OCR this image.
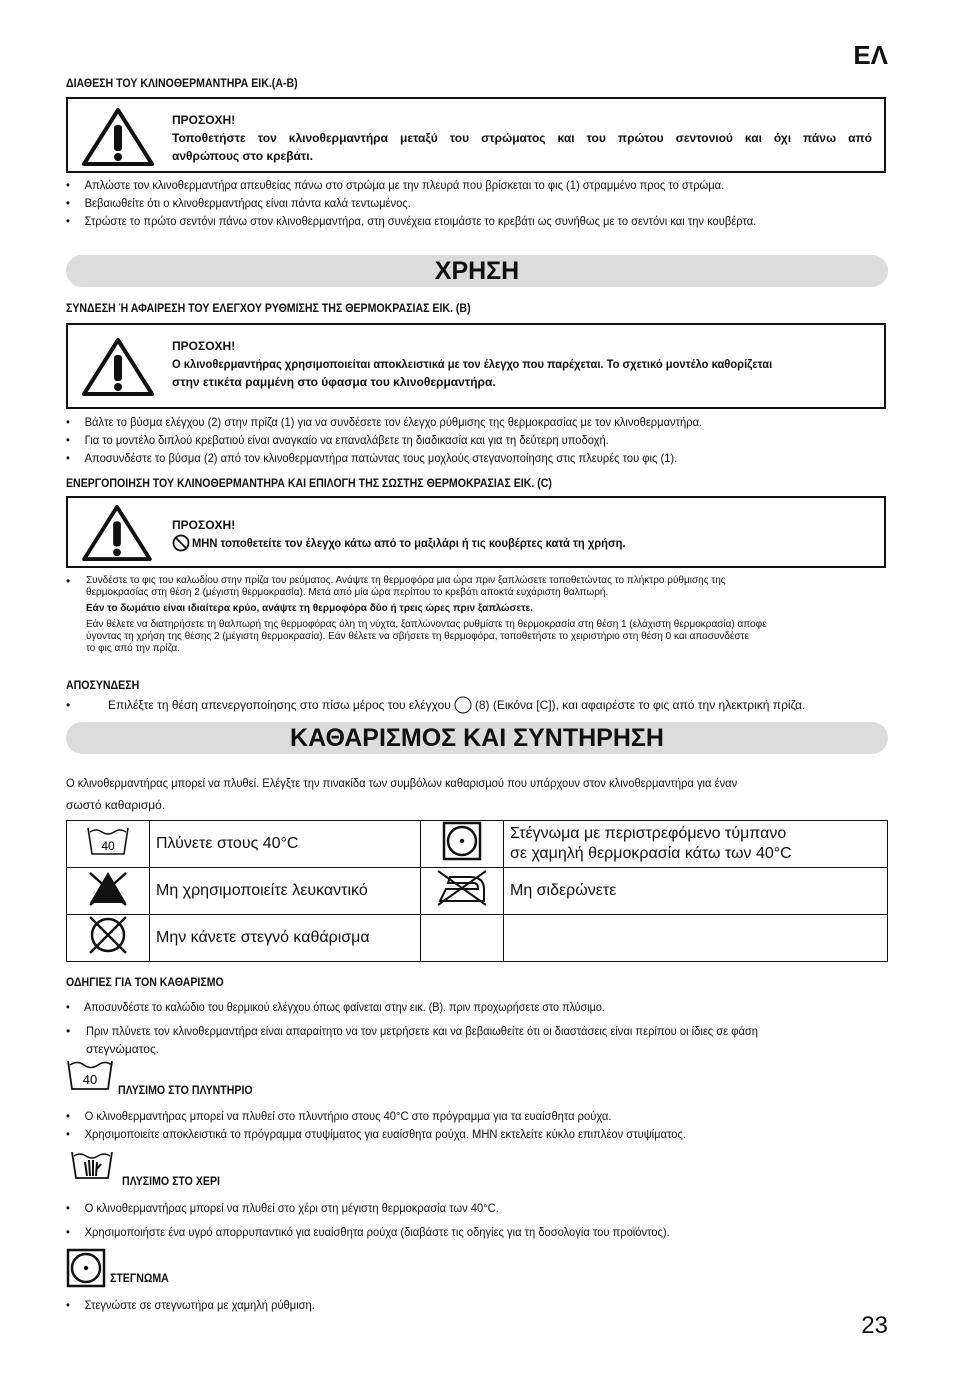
ΕΛ
ΔΙΑΘΕΣΗ ΤΟΥ ΚΛΙΝΟΘΕΡΜΑΝΤΗΡΑ ΕΙΚ.(A-B)
ΠΡΟΣΟΧΗ!
Τοποθετήστε τον κλινοθερμαντήρα μεταξύ του στρώματος και του πρώτου σεντονιού και όχι πάνω από
ανθρώπους στο κρεβάτι.
• Απλώστε τον κλινοθερμαντήρα απευθείας πάνω στο στρώμα με την πλευρά που βρίσκεται το φις (1) στραμμένο προς το στρώμα.
• Βεβαιωθείτε ότι ο κλινοθερμαντήρας είναι πάντα καλά τεντωμένος.
• Στρώστε το πρώτο σεντόνι πάνω στον κλινοθερμαντήρα, στη συνέχεια ετοιμάστε το κρεβάτι ως συνήθως με το σεντόνι και την κουβέρτα.
ΧΡΗΣΗ
ΣΥΝΔΕΣΗ Ή ΑΦΑΙΡΕΣΗ ΤΟΥ ΕΛΕΓΧΟΥ ΡΥΘΜΙΣΗΣ ΤΗΣ ΘΕΡΜΟΚΡΑΣΙΑΣ ΕΙΚ. (B)
ΠΡΟΣΟΧΗ!
Ο κλινοθερμαντήρας χρησιμοποιείται αποκλειστικά με τον έλεγχο που παρέχεται. Το σχετικό μοντέλο καθορίζεται
στην ετικέτα ραμμένη στο ύφασμα του κλινοθερμαντήρα.
• Βάλτε το βύσμα ελέγχου (2) στην πρίζα (1) για να συνδέσετε τον έλεγχο ρύθμισης της θερμοκρασίας με τον κλινοθερμαντήρα.
• Για το μοντέλο διπλού κρεβατιού είναι αναγκαίο να επαναλάβετε τη διαδικασία και για τη δεύτερη υποδοχή.
• Αποσυνδέστε το βύσμα (2) από τον κλινοθερμαντήρα πατώντας τους μοχλούς στεγανοποίησης στις πλευρές του φις (1).
ΕΝΕΡΓΟΠΟΙΗΣΗ ΤΟΥ ΚΛΙΝΟΘΕΡΜΑΝΤΗΡΑ ΚΑΙ ΕΠΙΛΟΓΗ ΤΗΣ ΣΩΣΤΗΣ ΘΕΡΜΟΚΡΑΣΙΑΣ ΕΙΚ. (C)
ΠΡΟΣΟΧΗ!
ΜΗΝ τοποθετείτε τον έλεγχο κάτω από το μαξιλάρι ή τις κουβέρτες κατά τη χρήση.
• Συνδέστε το φις του καλωδίου στην πρίζα του ρεύματος. Ανάψτε τη θερμοφόρα μια ώρα πριν ξαπλώσετε τοποθετώντας το πλήκτρο ρύθμισης της
θερμοκρασίας στη θέση 2 (μέγιστη θερμοκρασία). Μετά από μία ώρα περίπου το κρεβάτι αποκτά ευχάριστη θαλπωρή.
Εάν το δωμάτιο είναι ιδιαίτερα κρύο, ανάψτε τη θερμοφόρα δύο ή τρεις ώρες πριν ξαπλώσετε.
Εάν θέλετε να διατηρήσετε τη θαλπωρή της θερμοφόρας όλη τη νύχτα, ξαπλώνοντας ρυθμίστε τη θερμοκρασία στη θέση 1 (ελάχιστη θερμοκρασία) αποφε
ύγοντας τη χρήση της θέσης 2 (μέγιστη θερμοκρασία). Εάν θέλετε να σβήσετε τη θερμοφόρα, τοποθετήστε το χειριστήριο στη θέση 0 και αποσυνδέστε
το φις από την πρίζα.
ΑΠΟΣΥΝΔΕΣΗ
•	Επιλέξτε τη θέση απενεργοποίησης στο πίσω μέρος του ελέγχου (8) (Εικόνα [C]), και αφαιρέστε το φις από την ηλεκτρική πρίζα.
ΚΑΘΑΡΙΣΜΟΣ ΚΑΙ ΣΥΝΤΗΡΗΣΗ
Ο κλινοθερμαντήρας μπορεί να πλυθεί. Ελέγξτε την πινακίδα των συμβόλων καθαρισμού που υπάρχουν στον κλινοθερμαντήρα για έναν
σωστό καθαρισμό.
40	Πλύνετε στους 40°C		Στέγνωμα με περιστρεφόμενο τύμπανο
σε χαμηλή θερμοκρασία κάτω των 40°C

	Μη χρησιμοποιείτε λευκαντικό		Μη σιδερώνετε
	Μην κάνετε στεγνό καθάρισμα		
ΟΔΗΓΙΕΣ ΓΙΑ ΤΟΝ ΚΑΘΑΡΙΣΜΟ
• Αποσυνδέστε το καλώδιο του θερμικού ελέγχου όπως φαίνεται στην εικ. (B). πριν προχωρήσετε στο πλύσιμο.
• Πριν πλύνετε τον κλινοθερμαντήρα είναι απαραίτητο να τον μετρήσετε και να βεβαιωθείτε ότι οι διαστάσεις είναι περίπου οι ίδιες σε φάση
στεγνώματος.
40
ΠΛΥΣΙΜΟ ΣΤΟ ΠΛΥΝΤΗΡΙΟ
• Ο κλινοθερμαντήρας μπορεί να πλυθεί στο πλυντήριο στους 40°C στο πρόγραμμα για τα ευαίσθητα ρούχα.
• Χρησιμοποιείτε αποκλειστικά το πρόγραμμα στυψίματος για ευαίσθητα ρούχα. ΜΗΝ εκτελείτε κύκλο επιπλέον στυψίματος.
ΠΛΥΣΙΜΟ ΣΤΟ ΧΕΡΙ
• Ο κλινοθερμαντήρας μπορεί να πλυθεί στο χέρι στη μέγιστη θερμοκρασία των 40°C.
• Χρησιμοποιήστε ένα υγρό απορρυπαντικό για ευαίσθητα ρούχα (διαβάστε τις οδηγίες για τη δοσολογία του προϊόντος).
ΣΤΕΓΝΩΜΑ
• Στεγνώστε σε στεγνωτήρα με χαμηλή ρύθμιση.
23
